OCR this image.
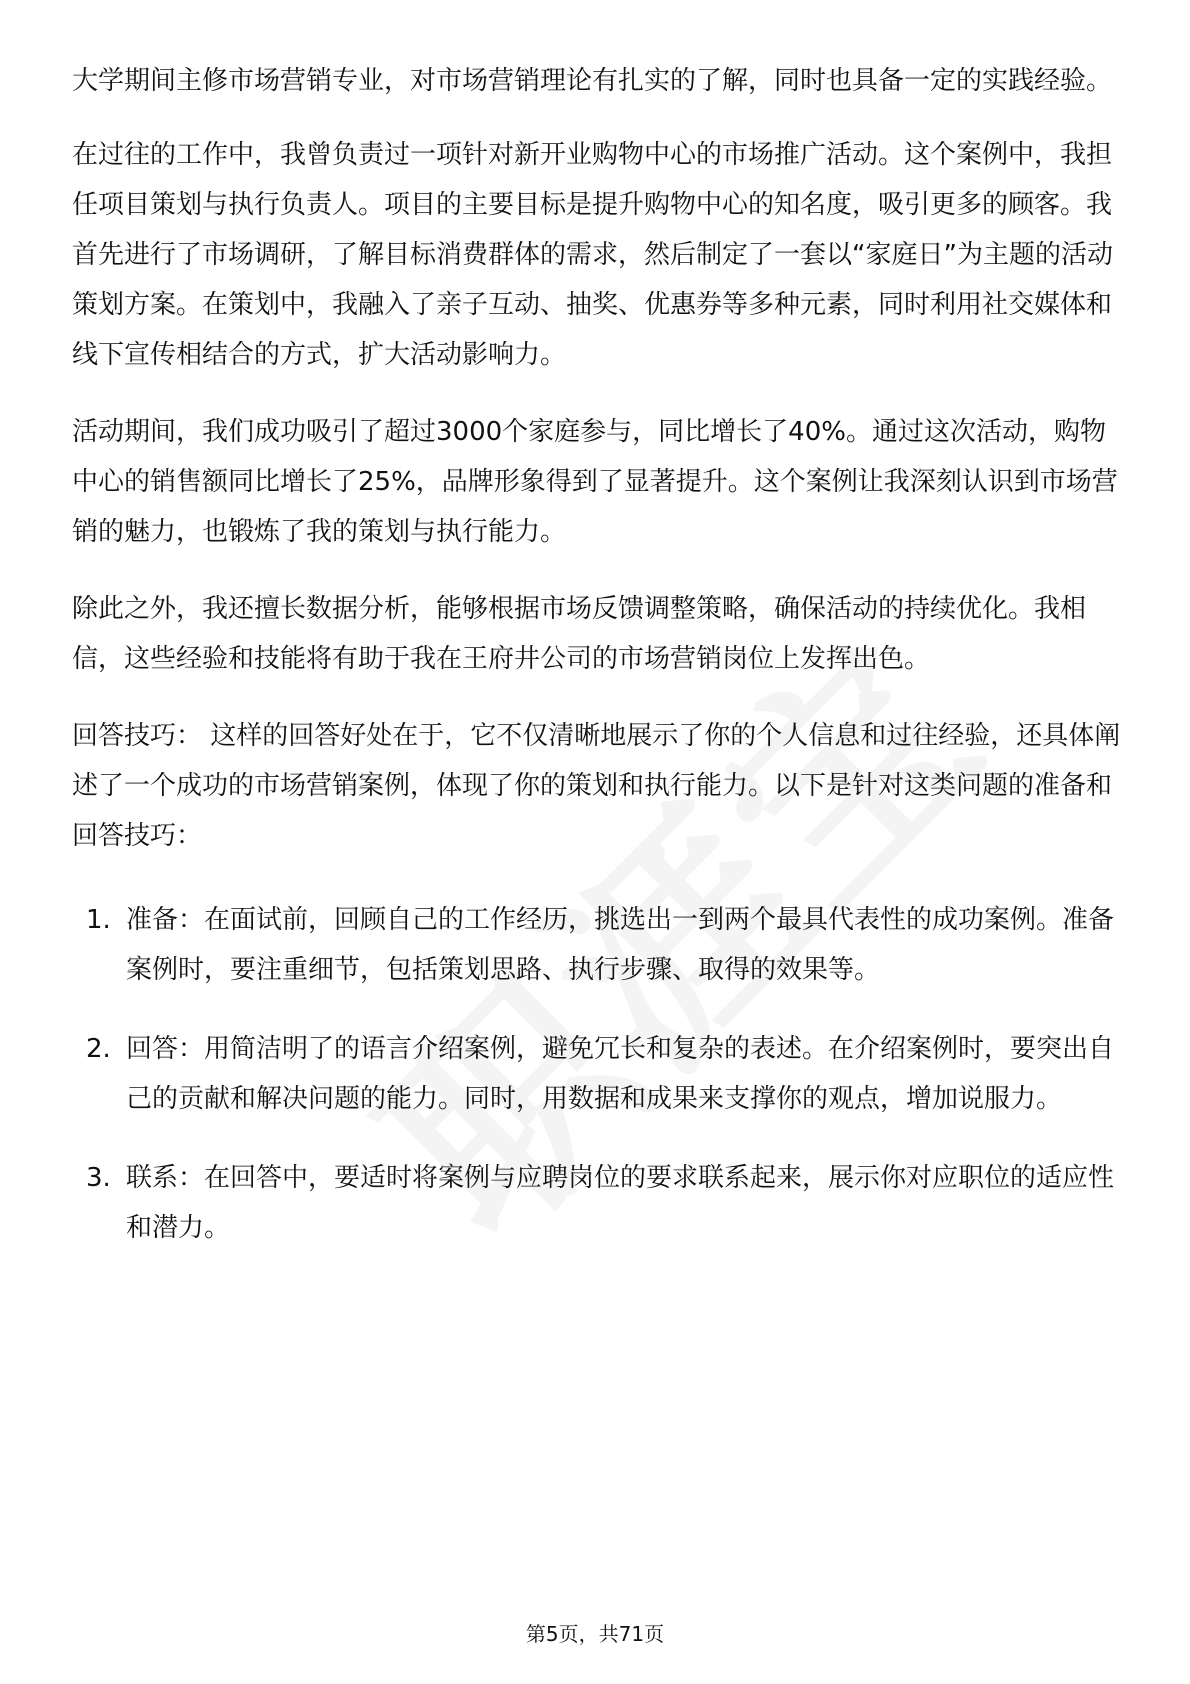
大学期间主修市场营销专业，对市场营销理论有扎实的了解，同时也具备一定的实践经验。

在过往的工作中，我曾负责过一项针对新开业购物中心的市场推广活动。这个案例中，我担任项目策划与执行负责人。项目的主要目标是提升购物中心的知名度，吸引更多的顾客。我首先进行了市场调研，了解目标消费群体的需求，然后制定了一套以“家庭日”为主题的活动策划方案。在策划中，我融入了亲子互动、抽奖、优惠券等多种元素，同时利用社交媒体和线下宣传相结合的方式，扩大活动影响力。

活动期间，我们成功吸引了超过3000个家庭参与，同比增长了40%。通过这次活动，购物中心的销售额同比增长了25%，品牌形象得到了显著提升。这个案例让我深刻认识到市场营销的魅力，也锻炼了我的策划与执行能力。

除此之外，我还擅长数据分析，能够根据市场反馈调整策略，确保活动的持续优化。我相信，这些经验和技能将有助于我在王府井公司的市场营销岗位上发挥出色。

回答技巧： 这样的回答好处在于，它不仅清晰地展示了你的个人信息和过往经验，还具体阐述了一个成功的市场营销案例，体现了你的策划和执行能力。以下是针对这类问题的准备和回答技巧：

1. 准备：在面试前，回顾自己的工作经历，挑选出一到两个最具代表性的成功案例。准备案例时，要注重细节，包括策划思路、执行步骤、取得的效果等。
2. 回答：用简洁明了的语言介绍案例，避免冗长和复杂的表述。在介绍案例时，要突出自己的贡献和解决问题的能力。同时，用数据和成果来支撑你的观点，增加说服力。
3. 联系：在回答中，要适时将案例与应聘岗位的要求联系起来，展示你对应职位的适应性和潜力。
第5页，共71页
